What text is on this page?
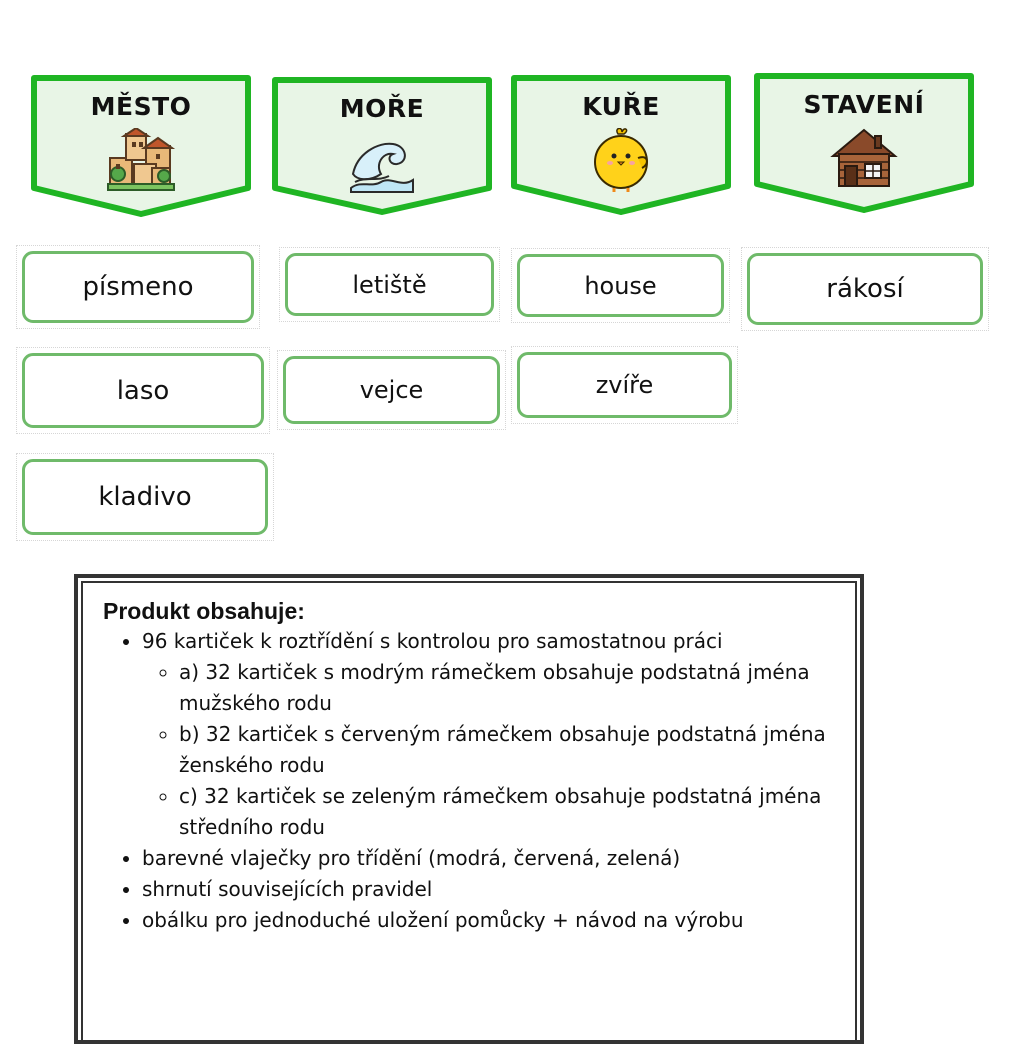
MĚSTO	MOŘE	KUŘE	STAVENÍ
písmeno	letiště	house	rákosí
laso	vejce	zvíře
kladivo
Produkt obsahuje:
• 96 kartiček k roztřídění s kontrolou pro samostatnou práci
◦ a) 32 kartiček s modrým rámečkem obsahuje podstatná jména mužského rodu
◦ b) 32 kartiček s červeným rámečkem obsahuje podstatná jména ženského rodu
◦ c) 32 kartiček se zeleným rámečkem obsahuje podstatná jména středního rodu
• barevné vlaječky pro třídění (modrá, červená, zelená)
• shrnutí souvisejících pravidel
• obálku pro jednoduché uložení pomůcky + návod na výrobu
